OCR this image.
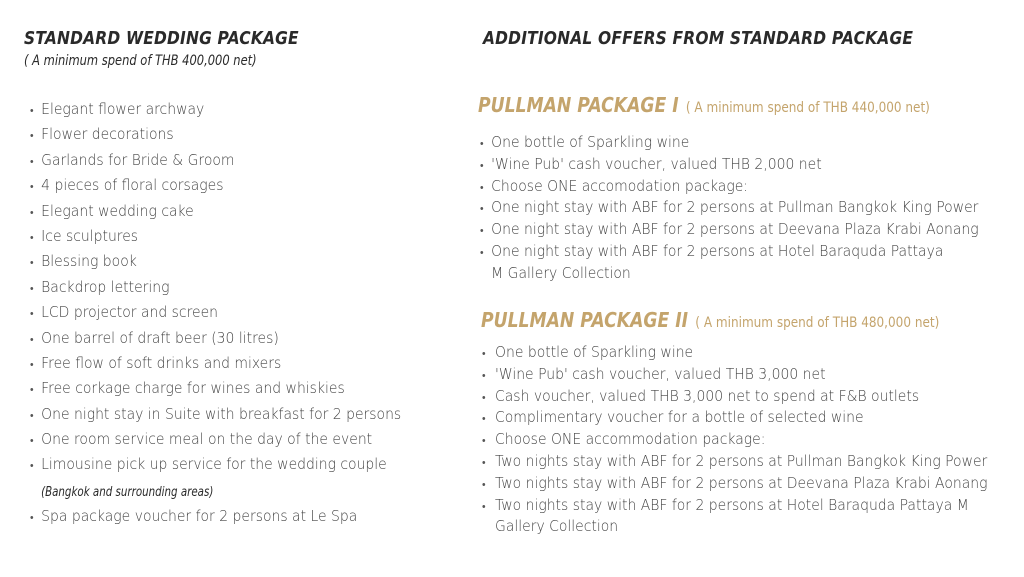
STANDARD WEDDING PACKAGE
( A minimum spend of THB 400,000 net)
• Elegant flower archway
• Flower decorations
• Garlands for Bride & Groom
• 4 pieces of floral corsages
• Elegant wedding cake
• Ice sculptures
• Blessing book
• Backdrop lettering
• LCD projector and screen
• One barrel of draft beer (30 litres)
• Free flow of soft drinks and mixers
• Free corkage charge for wines and whiskies
• One night stay in Suite with breakfast for 2 persons
• One room service meal on the day of the event
• Limousine pick up service for the wedding couple
(Bangkok and surrounding areas)
• Spa package voucher for 2 persons at Le Spa
ADDITIONAL OFFERS FROM STANDARD PACKAGE
PULLMAN PACKAGE I ( A minimum spend of THB 440,000 net)
• One bottle of Sparkling wine
• 'Wine Pub' cash voucher, valued THB 2,000 net
• Choose ONE accomodation package:
• One night stay with ABF for 2 persons at Pullman Bangkok King Power
• One night stay with ABF for 2 persons at Deevana Plaza Krabi Aonang
• One night stay with ABF for 2 persons at Hotel Baraquda Pattaya
M Gallery Collection
PULLMAN PACKAGE II ( A minimum spend of THB 480,000 net)
• One bottle of Sparkling wine
• 'Wine Pub' cash voucher, valued THB 3,000 net
• Cash voucher, valued THB 3,000 net to spend at F&B outlets
• Complimentary voucher for a bottle of selected wine
• Choose ONE accommodation package:
• Two nights stay with ABF for 2 persons at Pullman Bangkok King Power
• Two nights stay with ABF for 2 persons at Deevana Plaza Krabi Aonang
• Two nights stay with ABF for 2 persons at Hotel Baraquda Pattaya M
Gallery Collection
